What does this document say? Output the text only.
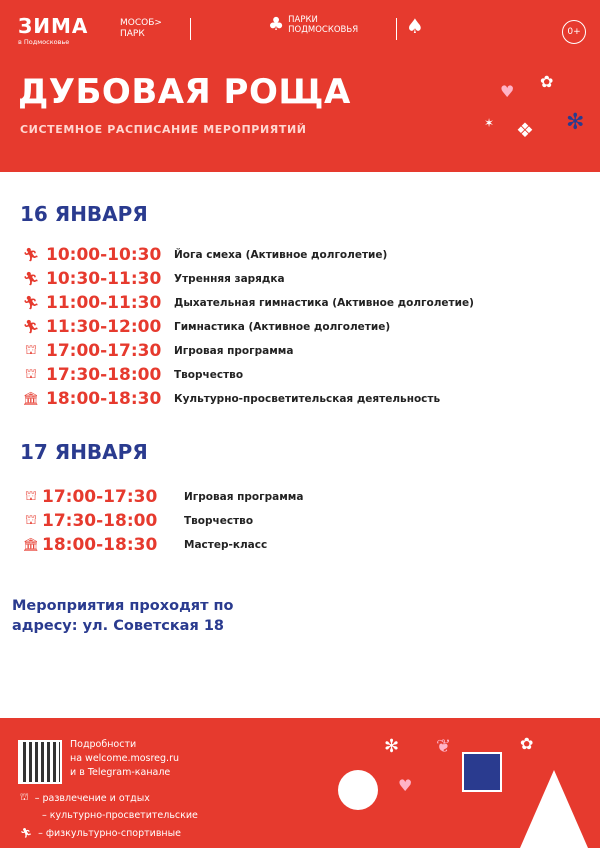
ЗИМА
в Подмосковье
МОСОБ> ПАРК	♣ ПАРКИ ПОДМОСКОВЬЯ	♠	0+
ДУБОВАЯ РОЩА
СИСТЕМНОЕ РАСПИСАНИЕ МЕРОПРИЯТИЙ
♥
✿
✶ ❖ ✻
16 ЯНВАРЯ
🏃︎ 10:00-10:30 Йога смеха (Активное долголетие)
🏃︎ 10:30-11:30 Утренняя зарядка
🏃︎ 11:00-11:30 Дыхательная гимнастика (Активное долголетие)
🏃︎ 11:30-12:00 Гимнастика (Активное долголетие)
⛫ 17:00-17:30 Игровая программа
⛫ 17:30-18:00 Творчество
🏛︎ 18:00-18:30 Культурно-просветительская деятельность
17 ЯНВАРЯ
⛫ 17:00-17:30	Игровая программа
⛫ 17:30-18:00	Творчество
🏛︎ 18:00-18:30	Мастер-класс
Мероприятия проходят по
адресу: ул. Советская 18
Подробности
на welcome.mosreg.ru
и в Telegram-канале
⛫ – развлечение и отдых
– культурно-просветительские
🏃︎ – физкультурно-спортивные
✻
♥
❦	✿
